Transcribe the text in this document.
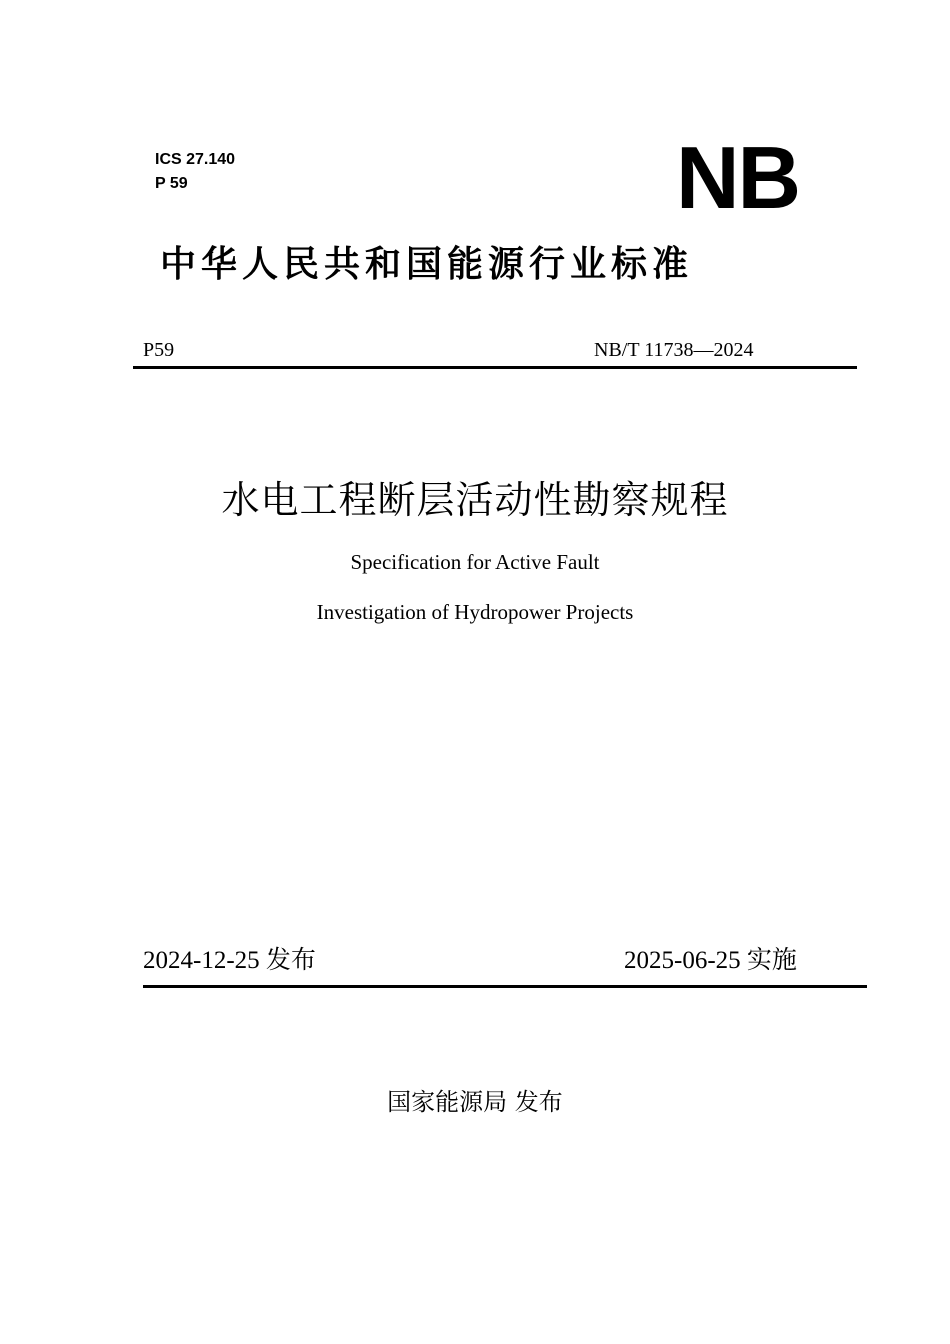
ICS 27.140
P 59	NB
中华人民共和国能源行业标准
P59	NB/T 11738—2024
水电工程断层活动性勘察规程
Specification for Active Fault
Investigation of Hydropower Projects
2024-12-25 发布	2025-06-25 实施
国家能源局 发布
